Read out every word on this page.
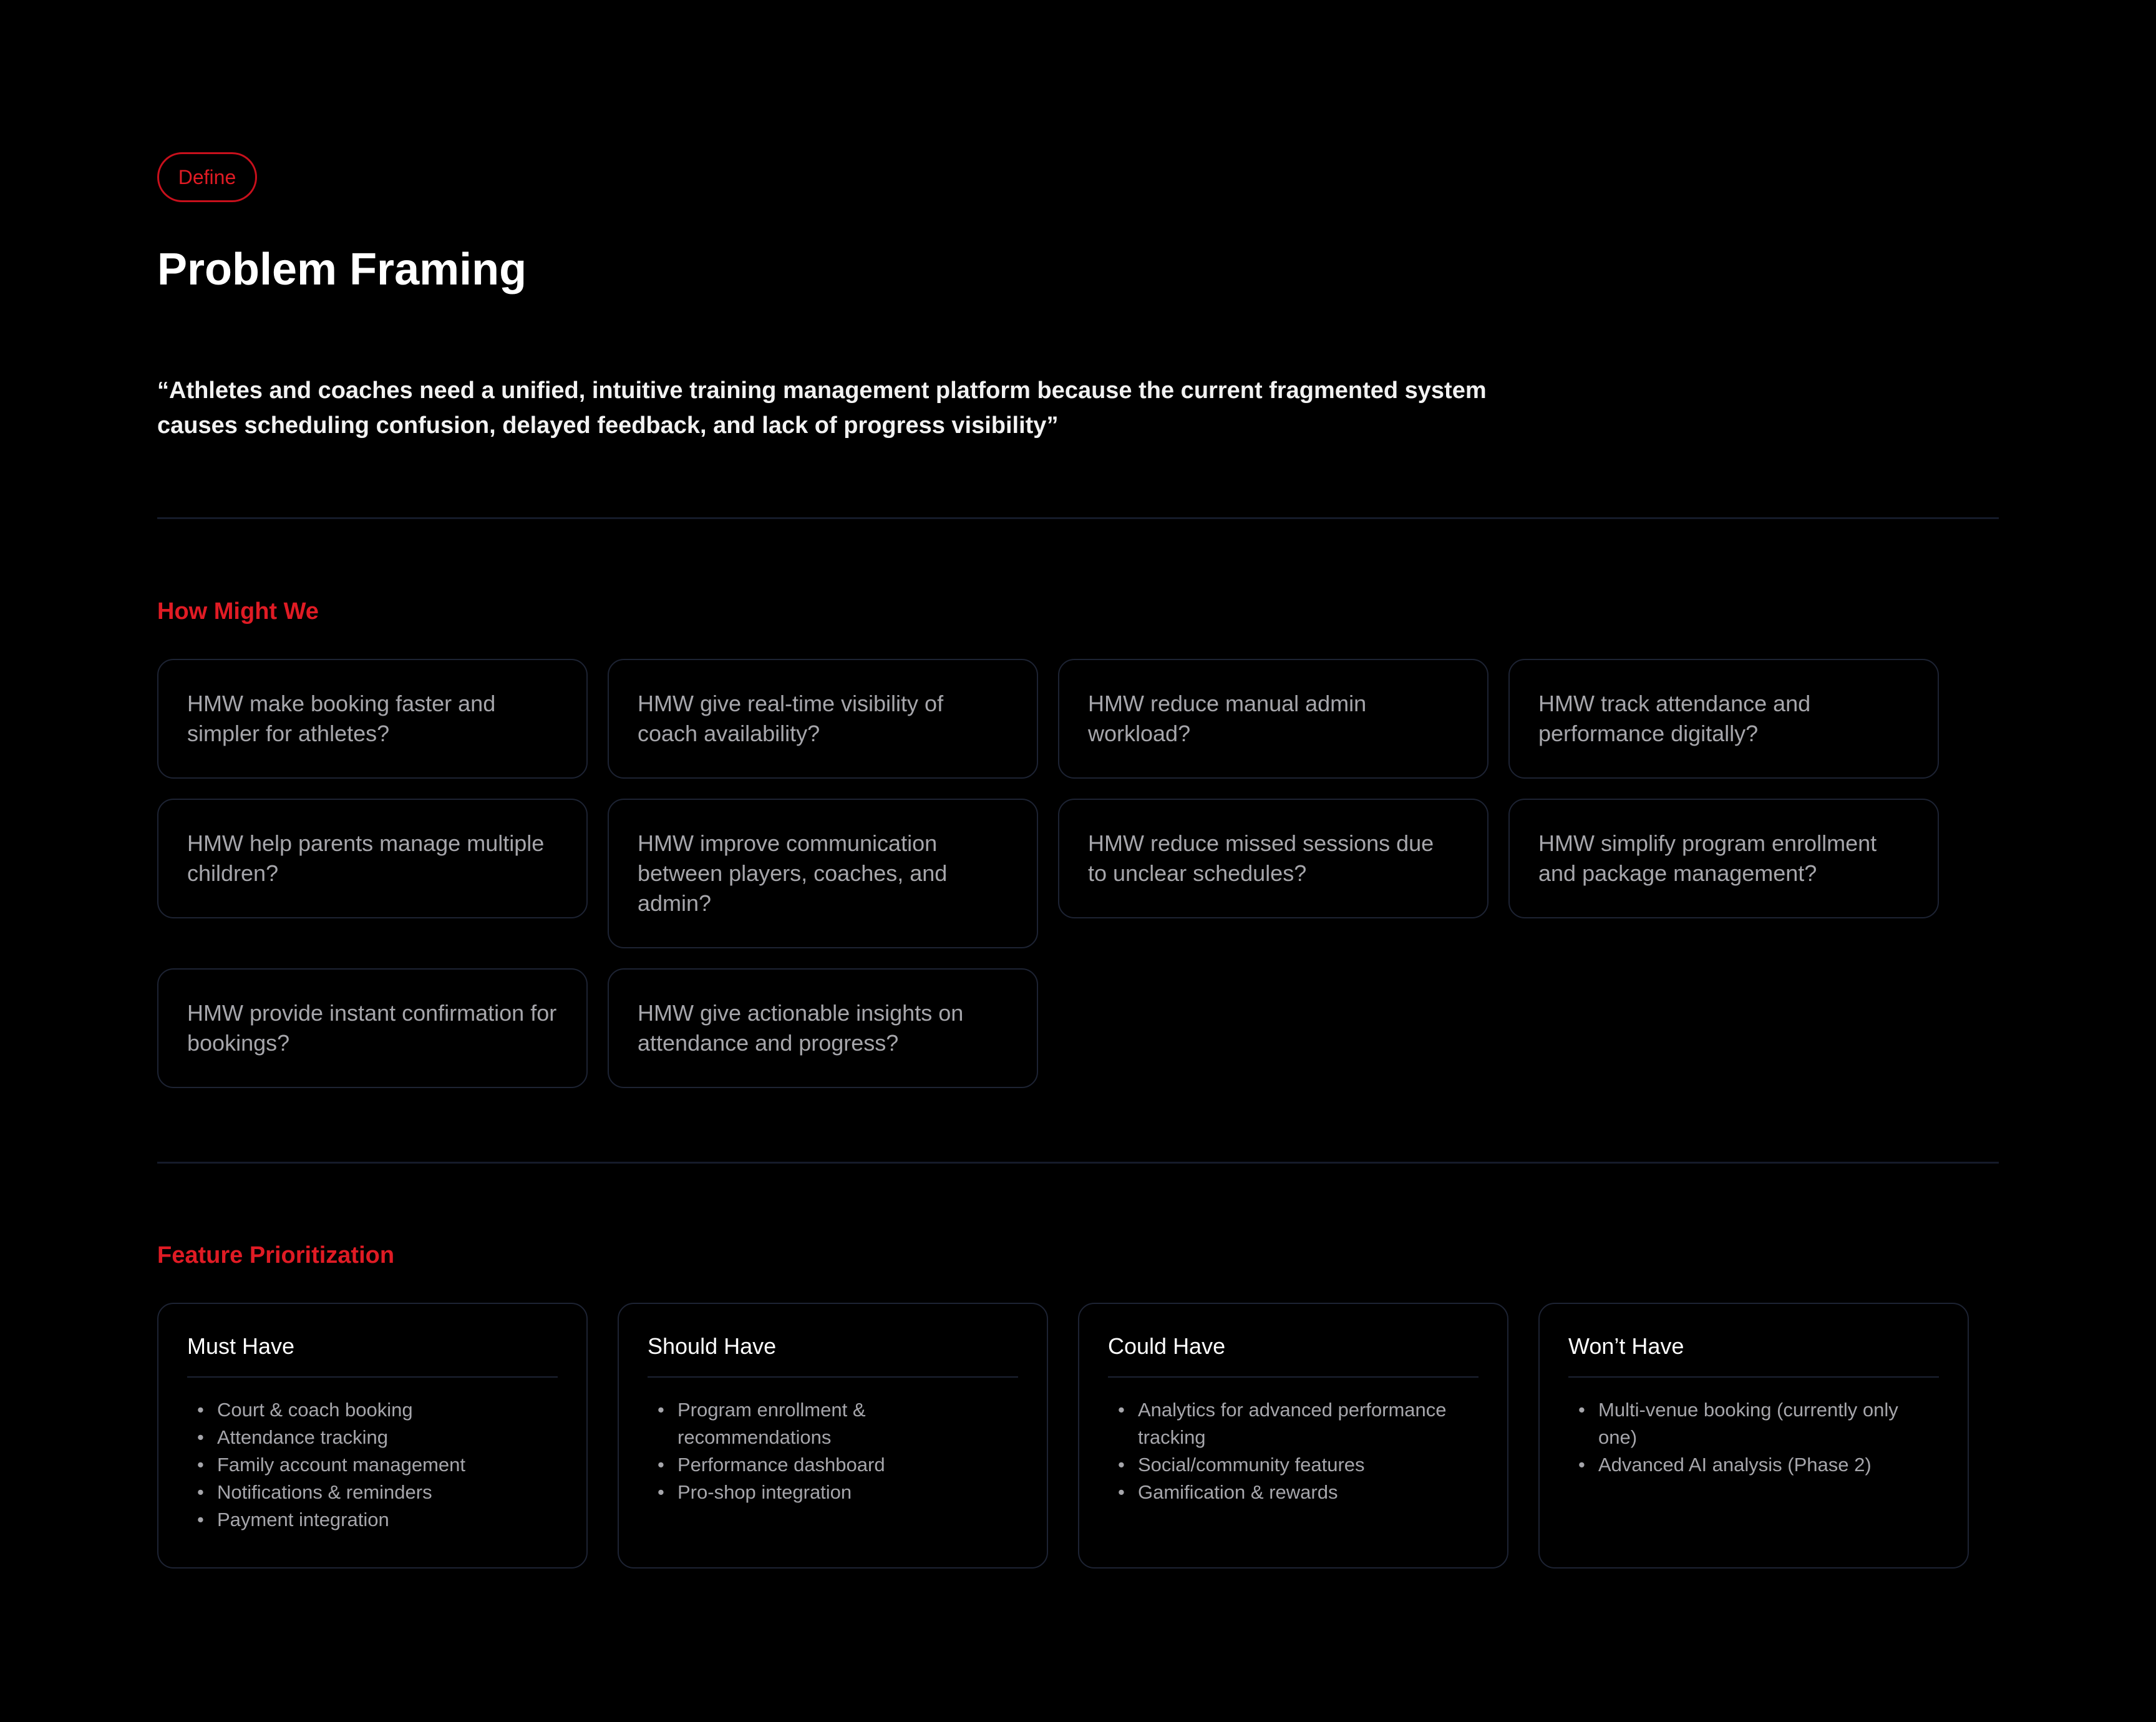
Define
Problem Framing

“Athletes and coaches need a unified, intuitive training management platform because the current fragmented system causes scheduling confusion, delayed feedback, and lack of progress visibility”

How Might We
HMW make booking faster and simpler for athletes?
HMW give real-time visibility of coach availability?
HMW reduce manual admin workload?
HMW track attendance and performance digitally?
HMW help parents manage multiple children?
HMW improve communication between players, coaches, and admin?
HMW reduce missed sessions due to unclear schedules?
HMW simplify program enrollment and package management?
HMW provide instant confirmation for bookings?
HMW give actionable insights on attendance and progress?
Feature Prioritization
Must Have
• Court & coach booking
• Attendance tracking
• Family account management
• Notifications & reminders
• Payment integration
Should Have
• Program enrollment & recommendations
• Performance dashboard
• Pro-shop integration
Could Have
• Analytics for advanced performance tracking
• Social/community features
• Gamification & rewards
Won’t Have
• Multi-venue booking (currently only one)
• Advanced AI analysis (Phase 2)
